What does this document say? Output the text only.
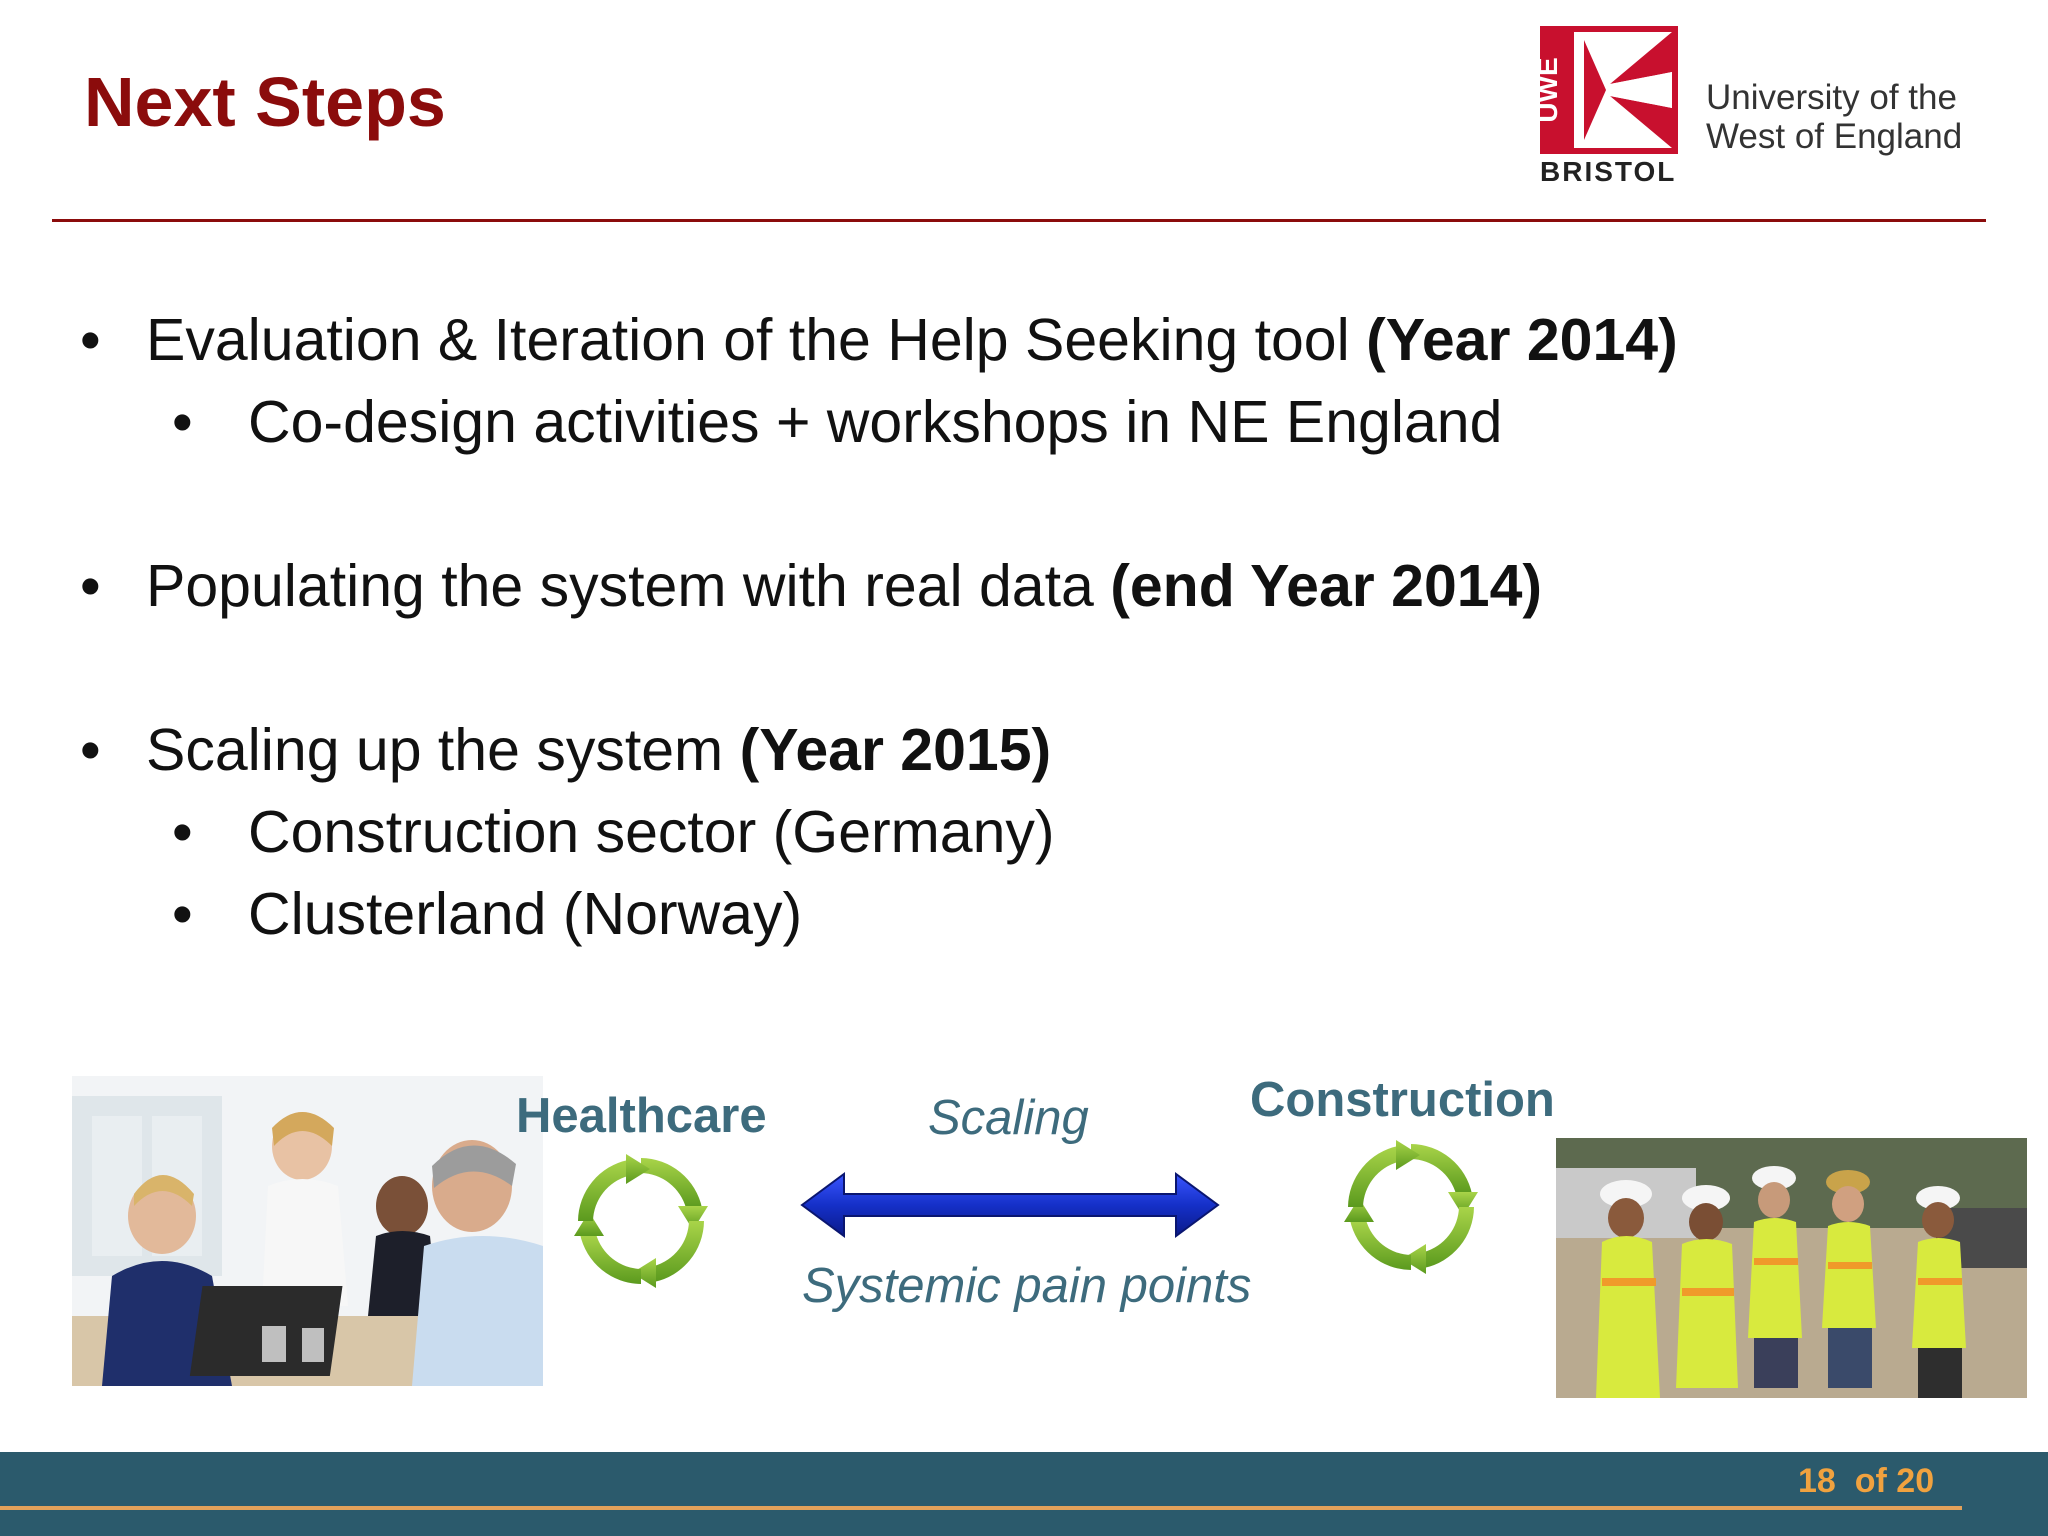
Next Steps	UWE
BRISTOL
University of the
West of England
• Evaluation & Iteration of the Help Seeking tool (Year 2014)
• Co-design activities + workshops in NE England
• Populating the system with real data (end Year 2014)
• Scaling up the system (Year 2015)
• Construction sector (Germany)
• Clusterland (Norway)
Healthcare	Scaling	Construction
Systemic pain points
18 of 20
